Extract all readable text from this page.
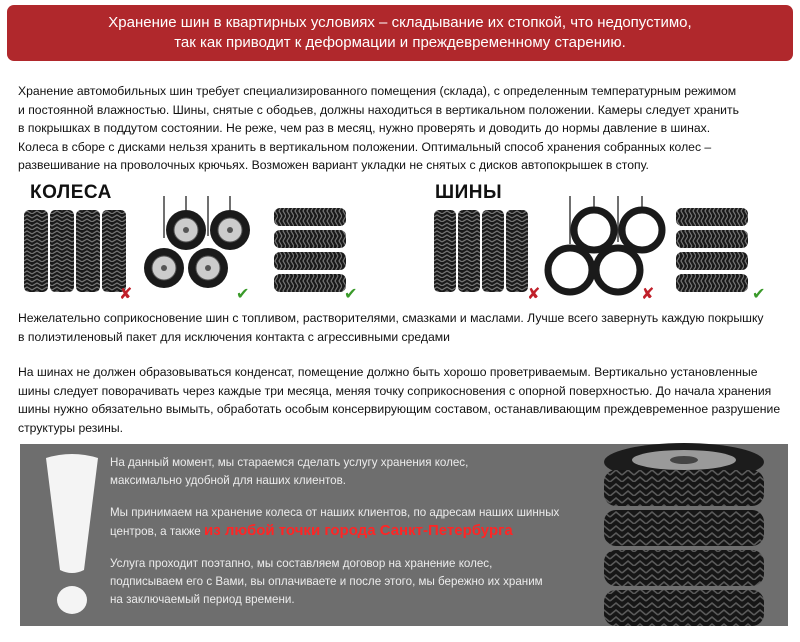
Хранение шин в квартирных условиях – складывание их стопкой, что недопустимо,
так как приводит к деформации и преждевременному старению.
Хранение автомобильных шин требует специализированного помещения (склада), с определенным температурным режимом
и постоянной влажностью. Шины, снятые с ободьев, должны находиться в вертикальном положении. Камеры следует хранить
в покрышках в поддутом состоянии. Не реже, чем раз в месяц, нужно проверять и доводить до нормы давление в шинах.
Колеса в сборе с дисками нельзя хранить в вертикальном положении. Оптимальный способ хранения собранных колес –
развешивание на проволочных крючьях. Возможен вариант укладки не снятых с дисков автопокрышек в стопу.
КОЛЕСА	ШИНЫ
✘	✔	✔	✘	✘	✔
Нежелательно соприкосновение шин с топливом, растворителями, смазками и маслами. Лучше всего завернуть каждую покрышку
в полиэтиленовый пакет для исключения контакта с агрессивными средами
На шинах не должен образовываться конденсат, помещение должно быть хорошо проветриваемым. Вертикально установленные
шины следует поворачивать через каждые три месяца, меняя точку соприкосновения с опорной поверхностью. До начала хранения
шины нужно обязательно вымыть, обработать особым консервирующим составом, останавливающим преждевременное разрушение
структуры резины.

На данный момент, мы стараемся сделать услугу хранения колес,
максимально удобной для наших клиентов.

Мы принимаем на хранение колеса от наших клиентов, по адресам наших шинных
центров, а также из любой точки города Санкт-Петербурга

Услуга проходит поэтапно, мы составляем договор на хранение колес,
подписываем его с Вами, вы оплачиваете и после этого, мы бережно их храним
на заключаемый период времени.
